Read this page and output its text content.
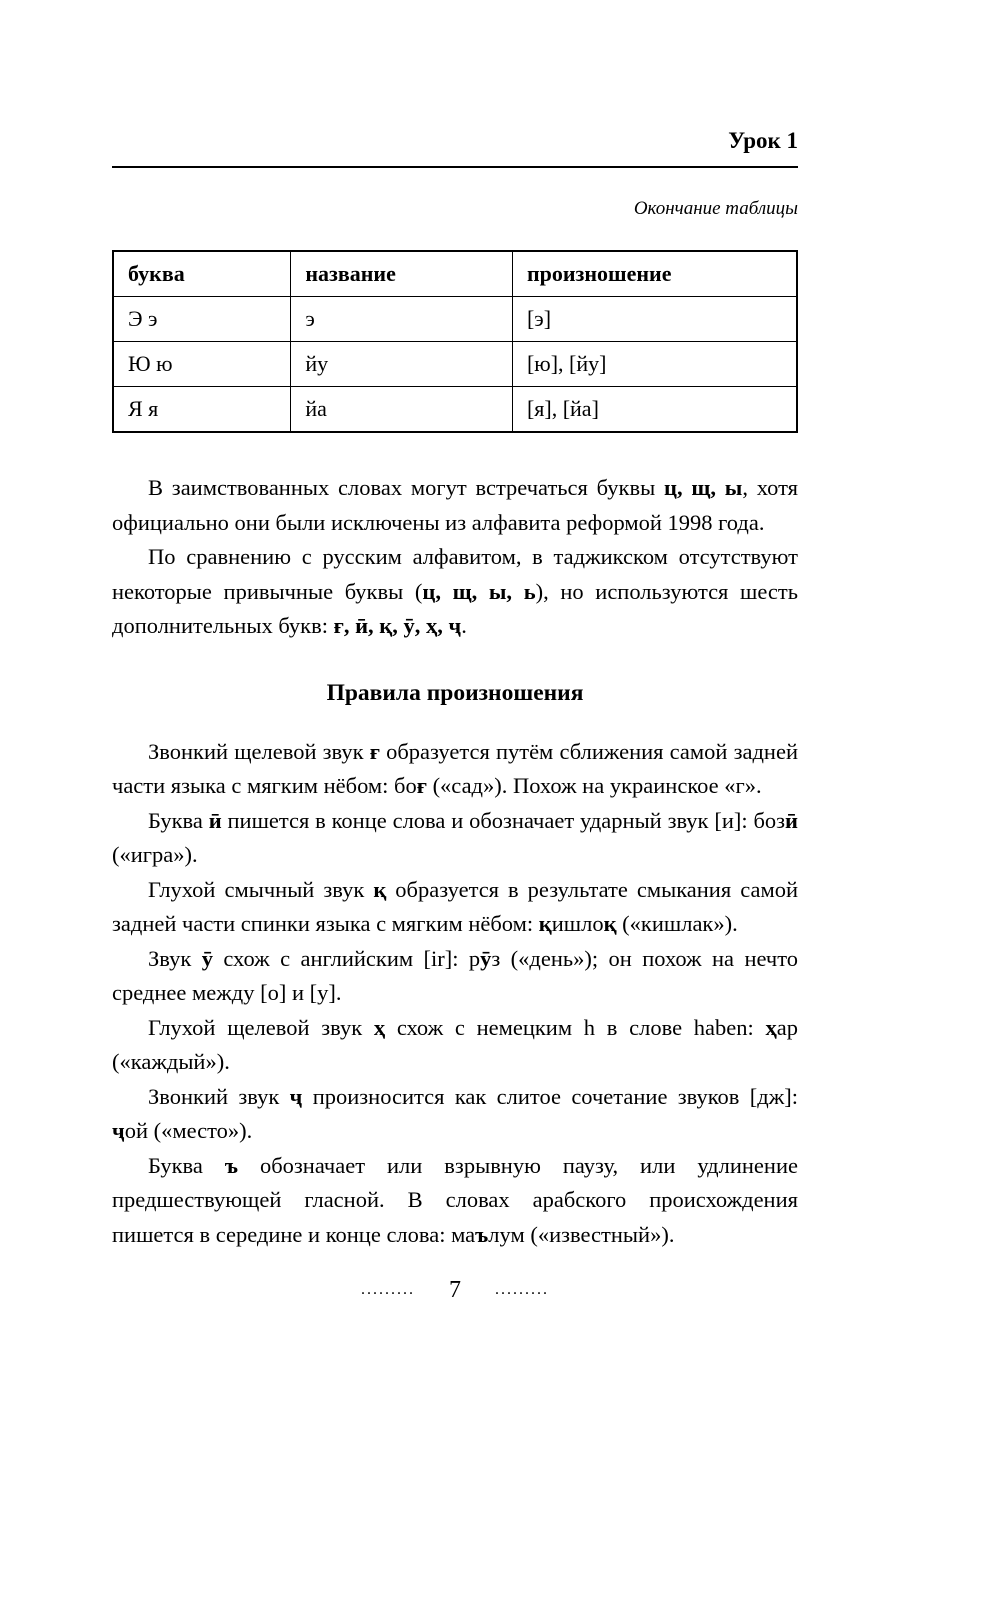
Урок 1
Окончание таблицы
буква	название	произношение
Э э	э	[э]
Ю ю	йу	[ю], [йу]
Я я	йа	[я], [йа]

В заимствованных словах могут встречаться буквы ц, щ, ы, хотя официально они были исключены из алфавита реформой 1998 года.

По сравнению с русским алфавитом, в таджикском отсутствуют некоторые привычные буквы (ц, щ, ы, ь), но используются шесть дополнительных букв: ғ, ӣ, қ, ӯ, ҳ, ҷ.

Правила произношения

Звонкий щелевой звук ғ образуется путём сближения самой задней части языка с мягким нёбом: боғ («сад»). Похож на украинское «г».

Буква ӣ пишется в конце слова и обозначает ударный звук [и]: бозӣ («игра»).

Глухой смычный звук қ образуется в результате смыкания самой задней части спинки языка с мягким нёбом: қишлоқ («кишлак»).

Звук ӯ схож с английским [ir]: рӯз («день»); он похож на нечто среднее между [о] и [у].

Глухой щелевой звук ҳ схож с немецким h в слове haben: ҳар («каждый»).

Звонкий звук ҷ произносится как слитое сочетание звуков [дж]: ҷой («место»).

Буква ъ обозначает или взрывную паузу, или удлинение предшествующей гласной. В словах арабского происхождения пишется в середине и конце слова: маълум («известный»).

......... 7 .........
